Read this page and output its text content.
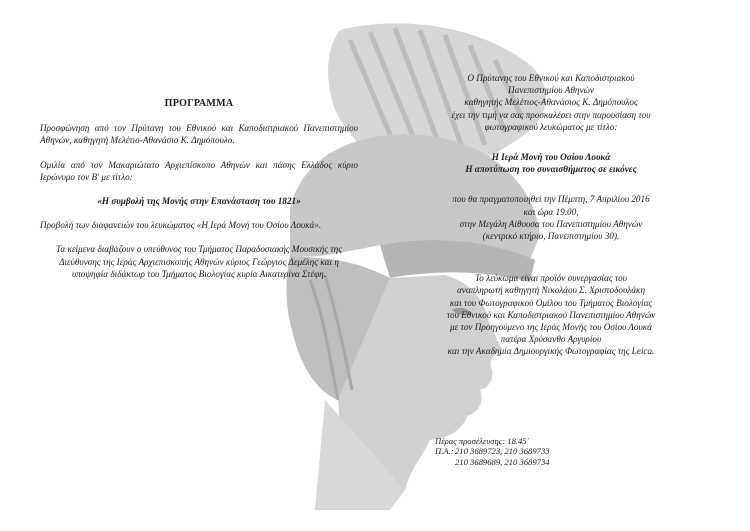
ΠΡΟΓΡΑΜΜΑ
Προσφώνηση από τον Πρύτανη του Εθνικού και Καποδιστριακού Πανεπιστημίου Αθηνών, καθηγητή Μελέτιο-Αθανάσιο Κ. Δημόπουλο.
Ομιλία από τον Μακαριώτατο Αρχιεπίσκοπο Αθηνών και πάσης Ελλάδος κύριο Ιερώνυμο τον Β' με τίτλο:
«Η συμβολή της Μονής στην Επανάσταση του 1821»
Προβολή των διαφανειών του λευκώματος «Η Ιερά Μονή του Οσίου Λουκά».
Τα κείμενα διαβάζουν ο υπεύθυνος του Τμήματος Παραδοσιακής Μουσικής της Διεύθυνσης της Ιεράς Αρχιεπισκοπής Αθηνών κύριος Γεώργιος Δεμέλης και η υποψηφία διδάκτωρ του Τμήματος Βιολογίας κυρία Αικατερίνα Στέφη.
Ο Πρύτανης του Εθνικού και Καποδιστριακού
Πανεπιστημίου Αθηνών
καθηγητής Μελέτιος-Αθανάσιος Κ. Δημόπουλος
έχει την τιμή να σας προσκαλέσει στην παρουσίαση του
φωτογραφικού λευκώματος με τίτλο:
Η Ιερά Μονή του Οσίου Λουκά
Η αποτύπωση του συναισθήματος σε εικόνες
που θα πραγματοποιηθεί την Πέμπτη, 7 Απριλίου 2016
και ώρα 19.00,
στην Μεγάλη Αίθουσα του Πανεπιστημίου Αθηνών
(κεντρικό κτήριο, Πανεπιστημίου 30).
Το λεύκωμα είναι προϊόν συνεργασίας του
αναπληρωτή καθηγητή Νικολάου Σ. Χριστοδουλάκη
και του Φωτογραφικού Ομίλου του Τμήματος Βιολογίας
του Εθνικού και Καποδιστριακού Πανεπιστημίου Αθηνών
με τον Προηγούμενο της Ιεράς Μονής του Οσίου Λουκά
πατέρα Χρύσανθο Αργυρίου
και την Ακαδημία Δημιουργικής Φωτογραφίας της Leica.
Πέρας προσέλευσης: 18.45΄
Π.Α.: 210 3689723, 210 3689733
210 3689689, 210 3689734
